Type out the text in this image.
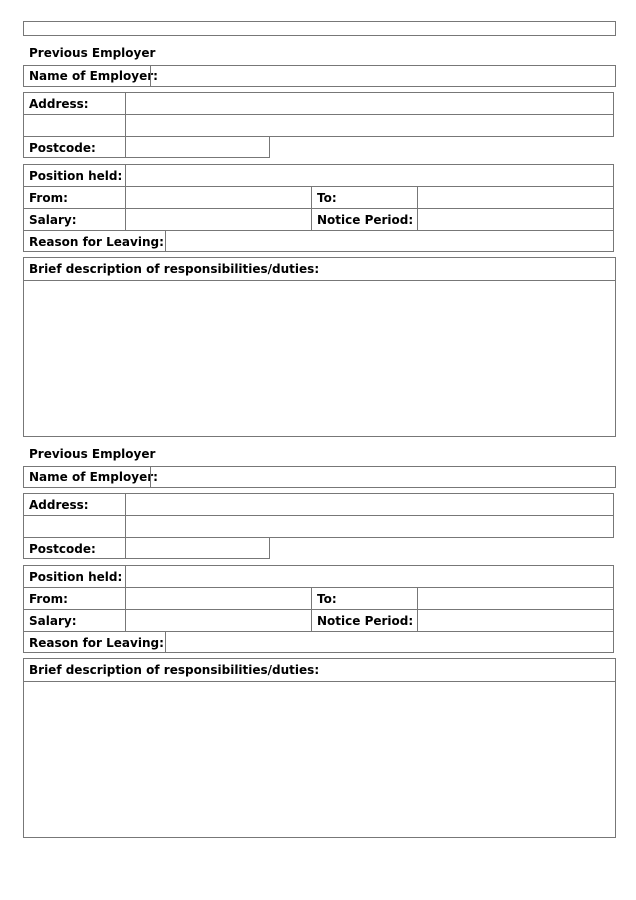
Previous Employer
Name of Employer:
Address:
Postcode:
Position held:
From:	To:
Salary:	Notice Period:
Reason for Leaving:
Brief description of responsibilities/duties:
Previous Employer
Name of Employer:
Address:
Postcode:
Position held:
From:	To:
Salary:	Notice Period:
Reason for Leaving:
Brief description of responsibilities/duties:
